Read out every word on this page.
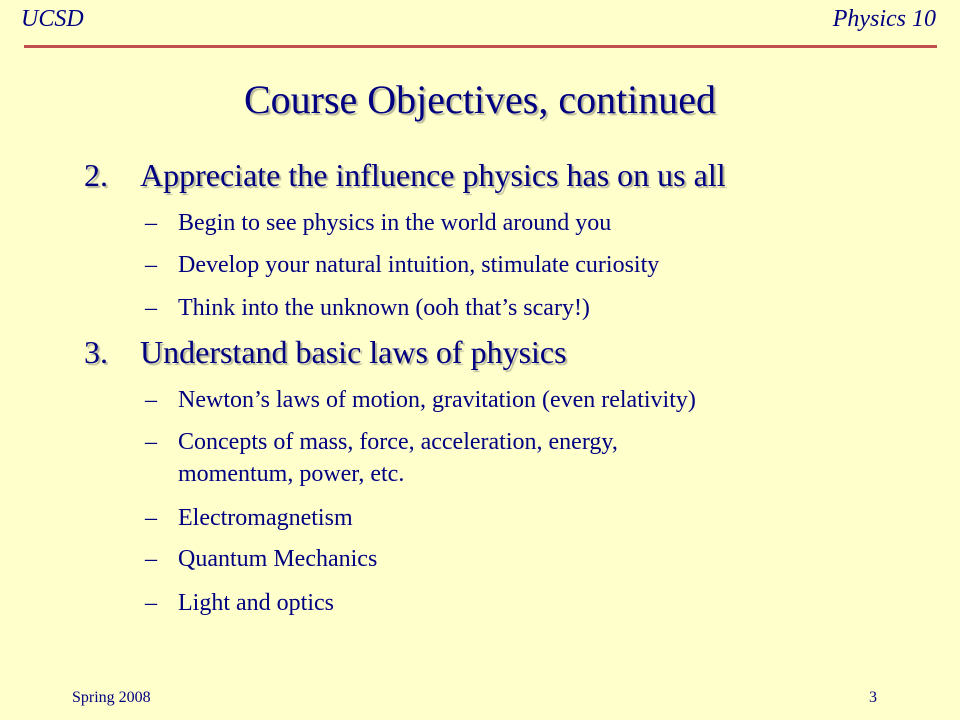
UCSD	Physics 10
Course Objectives, continued
2. Appreciate the influence physics has on us all
– Begin to see physics in the world around you
– Develop your natural intuition, stimulate curiosity
– Think into the unknown (ooh that’s scary!)
3. Understand basic laws of physics
– Newton’s laws of motion, gravitation (even relativity)
– Concepts of mass, force, acceleration, energy,
momentum, power, etc.
– Electromagnetism
– Quantum Mechanics
– Light and optics
Spring 2008	3
